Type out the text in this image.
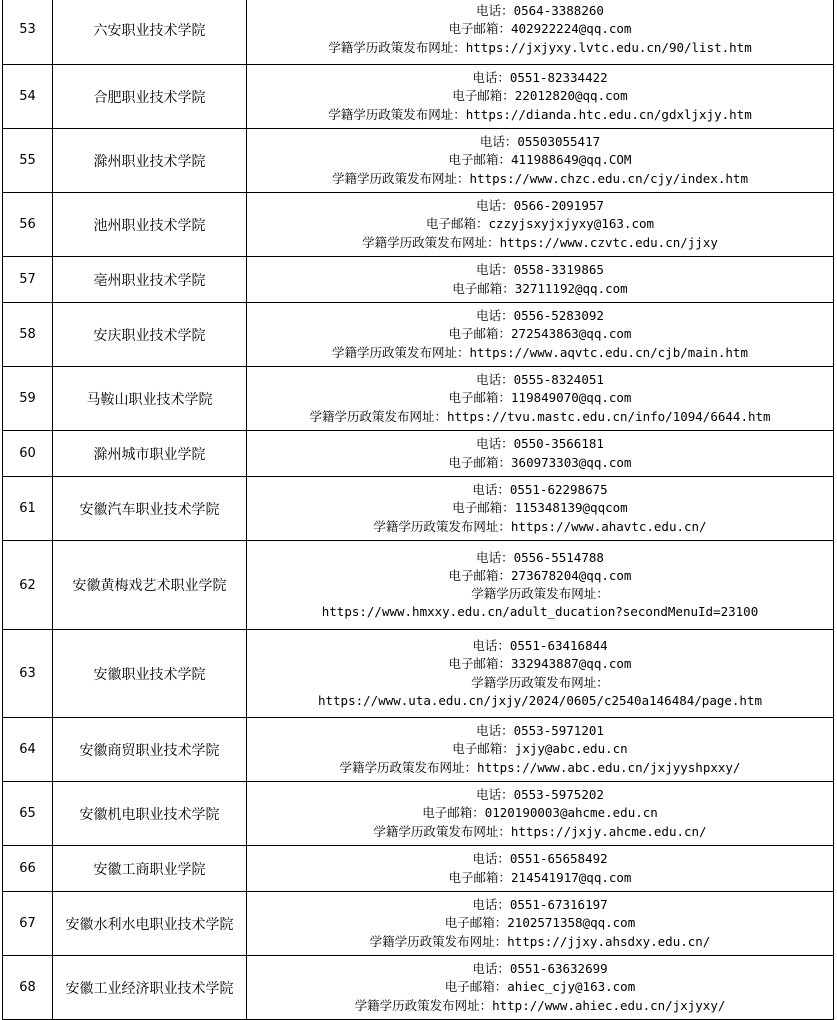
53	六安职业技术学院	电话：0564-3388260
电子邮箱：402922224@qq.com
学籍学历政策发布网址：https://jxjyxy.lvtc.edu.cn/90/list.htm

54	合肥职业技术学院	电话：0551-82334422
电子邮箱：22012820@qq.com
学籍学历政策发布网址：https://dianda.htc.edu.cn/gdxljxjy.htm

55	滁州职业技术学院	电话：05503055417
电子邮箱：411988649@qq.COM
学籍学历政策发布网址：https://www.chzc.edu.cn/cjy/index.htm

56	池州职业技术学院	电话：0566-2091957
电子邮箱：czzyjsxyjxjyxy@163.com
学籍学历政策发布网址：https://www.czvtc.edu.cn/jjxy

57	亳州职业技术学院	电话：0558-3319865
电子邮箱：32711192@qq.com

58	安庆职业技术学院	电话：0556-5283092
电子邮箱：272543863@qq.com
学籍学历政策发布网址：https://www.aqvtc.edu.cn/cjb/main.htm

59	马鞍山职业技术学院	电话：0555-8324051
电子邮箱：119849070@qq.com
学籍学历政策发布网址：https://tvu.mastc.edu.cn/info/1094/6644.htm

60	滁州城市职业学院	电话：0550-3566181
电子邮箱：360973303@qq.com

61	安徽汽车职业技术学院	电话：0551-62298675
电子邮箱：115348139@qqcom
学籍学历政策发布网址：https://www.ahavtc.edu.cn/

62	安徽黄梅戏艺术职业学院	电话：0556-5514788
电子邮箱：273678204@qq.com
学籍学历政策发布网址：
https://www.hmxxy.edu.cn/adult_ducation?secondMenuId=23100

63	安徽职业技术学院	电话：0551-63416844
电子邮箱：332943887@qq.com
学籍学历政策发布网址：
https://www.uta.edu.cn/jxjy/2024/0605/c2540a146484/page.htm

64	安徽商贸职业技术学院	电话：0553-5971201
电子邮箱：jxjy@abc.edu.cn
学籍学历政策发布网址：https://www.abc.edu.cn/jxjyyshpxxy/

65	安徽机电职业技术学院	电话：0553-5975202
电子邮箱：0120190003@ahcme.edu.cn
学籍学历政策发布网址：https://jxjy.ahcme.edu.cn/

66	安徽工商职业学院	电话：0551-65658492
电子邮箱：214541917@qq.com

67	安徽水利水电职业技术学院	电话：0551-67316197
电子邮箱：2102571358@qq.com
学籍学历政策发布网址：https://jjxy.ahsdxy.edu.cn/

68	安徽工业经济职业技术学院	电话：0551-63632699
电子邮箱：ahiec_cjy@163.com
学籍学历政策发布网址：http://www.ahiec.edu.cn/jxjyxy/
